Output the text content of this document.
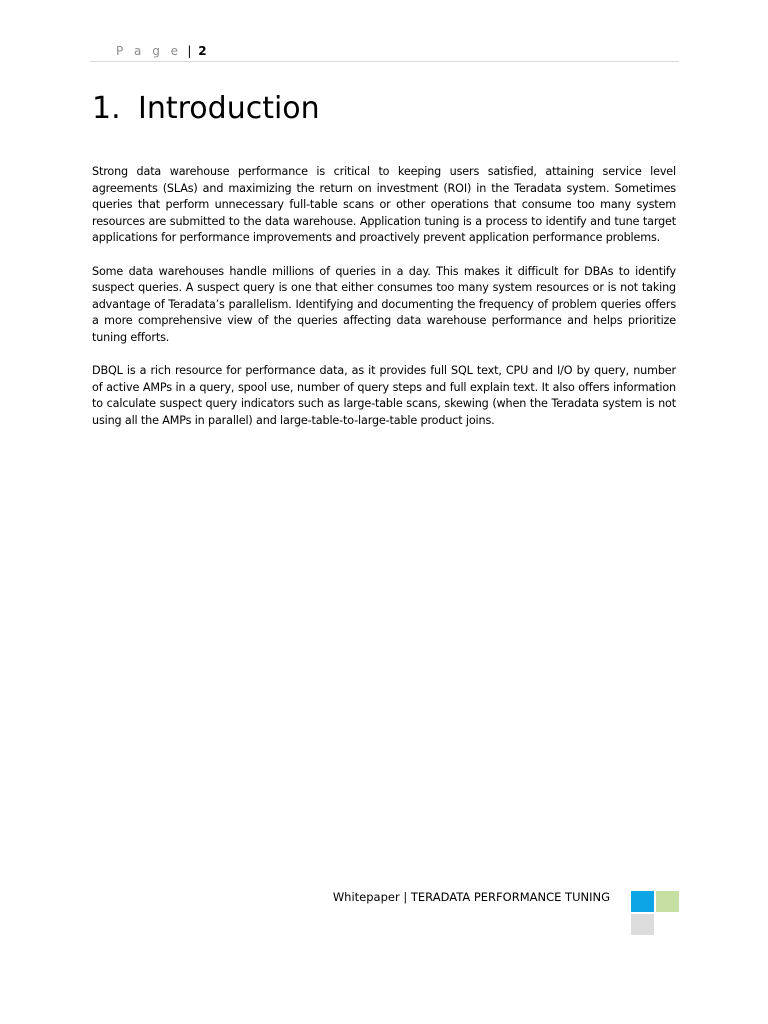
P a g e | 2
1. Introduction

Strong data warehouse performance is critical to keeping users satisfied, attaining service level agreements (SLAs) and maximizing the return on investment (ROI) in the Teradata system. Sometimes queries that perform unnecessary full-table scans or other operations that consume too many system resources are submitted to the data warehouse. Application tuning is a process to identify and tune target applications for performance improvements and proactively prevent application performance problems.

Some data warehouses handle millions of queries in a day. This makes it difficult for DBAs to identify suspect queries. A suspect query is one that either consumes too many system resources or is not taking advantage of Teradata’s parallelism. Identifying and documenting the frequency of problem queries offers a more comprehensive view of the queries affecting data warehouse performance and helps prioritize tuning efforts.

DBQL is a rich resource for performance data, as it provides full SQL text, CPU and I/O by query, number of active AMPs in a query, spool use, number of query steps and full explain text. It also offers information to calculate suspect query indicators such as large-table scans, skewing (when the Teradata system is not using all the AMPs in parallel) and large-table-to-large-table product joins.

Whitepaper | TERADATA PERFORMANCE TUNING
